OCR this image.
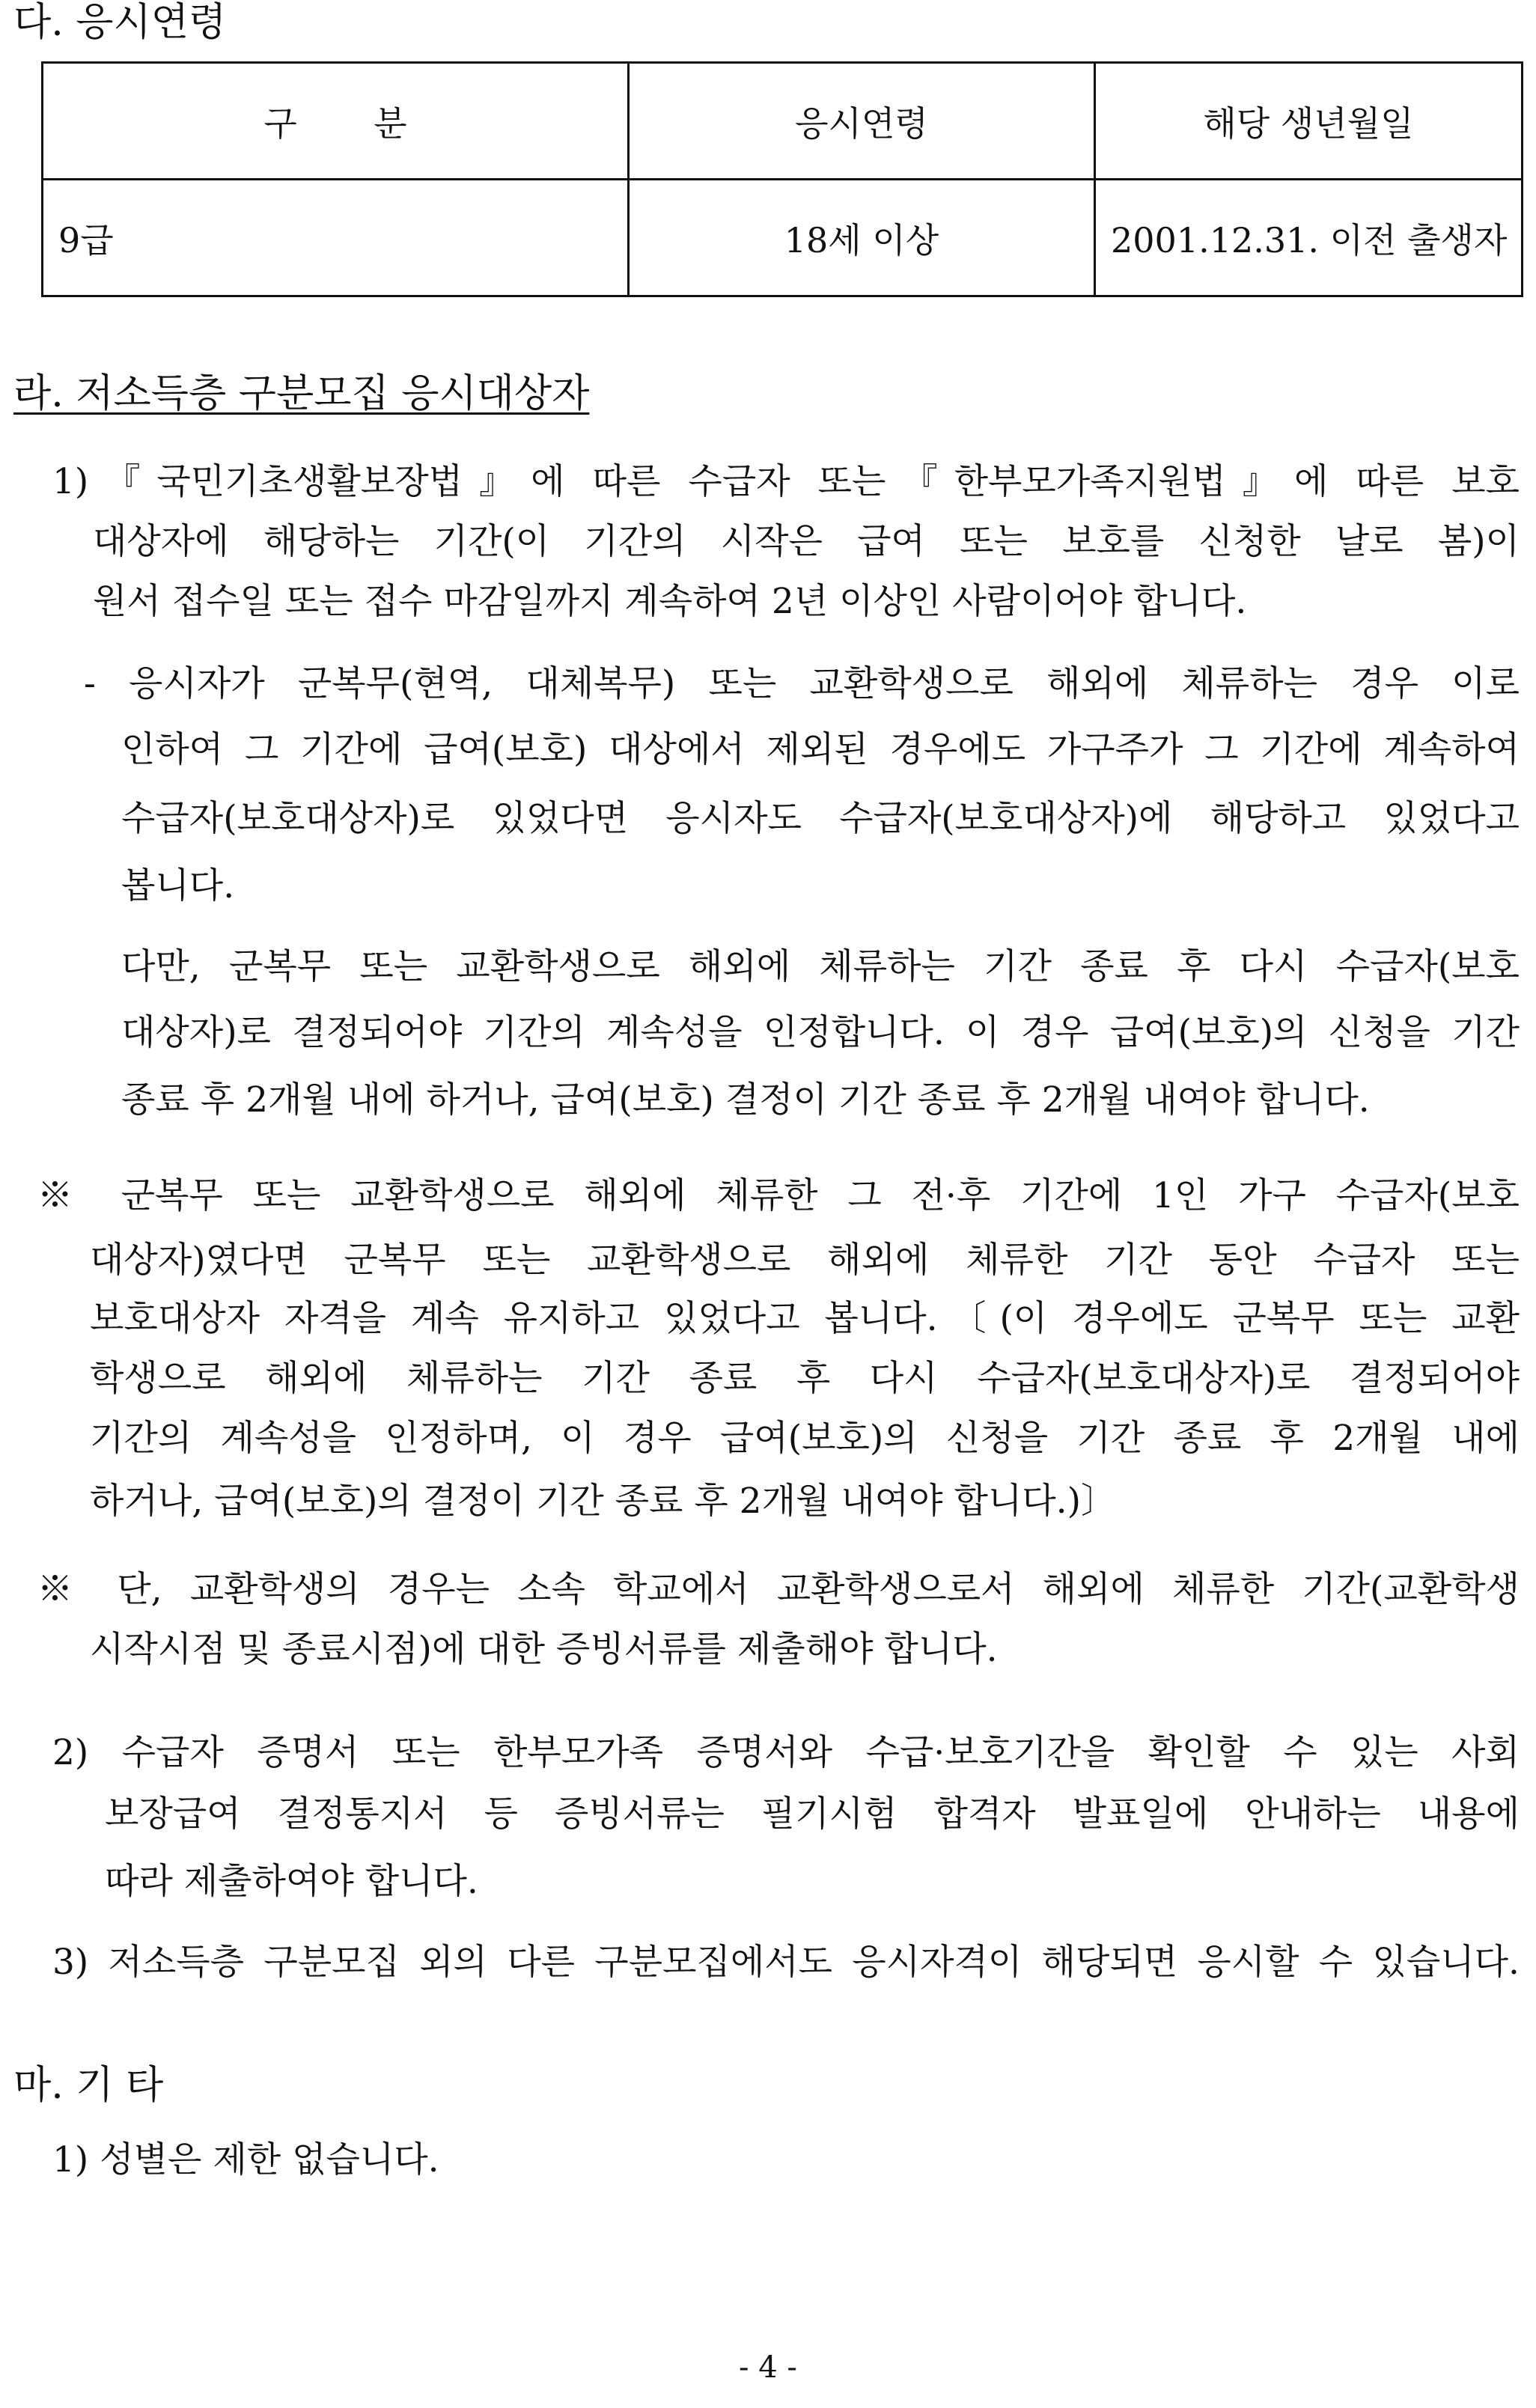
다. 응시연령
구       분	응시연령	해당 생년월일
9급	18세 이상	2001.12.31. 이전 출생자
라. 저소득층 구분모집 응시대상자
1)『국민기초생활보장법』에 따른 수급자 또는『한부모가족지원법』에 따른 보호
대상자에 해당하는 기간(이 기간의 시작은 급여 또는 보호를 신청한 날로 봄)이
원서 접수일 또는 접수 마감일까지 계속하여 2년 이상인 사람이어야 합니다.
- 응시자가 군복무(현역, 대체복무) 또는 교환학생으로 해외에 체류하는 경우 이로
인하여 그 기간에 급여(보호) 대상에서 제외된 경우에도 가구주가 그 기간에 계속하여
수급자(보호대상자)로 있었다면 응시자도 수급자(보호대상자)에 해당하고 있었다고
봅니다.
다만, 군복무 또는 교환학생으로 해외에 체류하는 기간 종료 후 다시 수급자(보호
대상자)로 결정되어야 기간의 계속성을 인정합니다. 이 경우 급여(보호)의 신청을 기간
종료 후 2개월 내에 하거나, 급여(보호) 결정이 기간 종료 후 2개월 내여야 합니다.
※ 군복무 또는 교환학생으로 해외에 체류한 그 전·후 기간에 1인 가구 수급자(보호
대상자)였다면 군복무 또는 교환학생으로 해외에 체류한 기간 동안 수급자 또는
보호대상자 자격을 계속 유지하고 있었다고 봅니다.〔(이 경우에도 군복무 또는 교환
학생으로 해외에 체류하는 기간 종료 후 다시 수급자(보호대상자)로 결정되어야
기간의 계속성을 인정하며, 이 경우 급여(보호)의 신청을 기간 종료 후 2개월 내에
하거나, 급여(보호)의 결정이 기간 종료 후 2개월 내여야 합니다.)〕
※ 단, 교환학생의 경우는 소속 학교에서 교환학생으로서 해외에 체류한 기간(교환학생
시작시점 및 종료시점)에 대한 증빙서류를 제출해야 합니다.
2) 수급자 증명서 또는 한부모가족 증명서와 수급·보호기간을 확인할 수 있는 사회
보장급여 결정통지서 등 증빙서류는 필기시험 합격자 발표일에 안내하는 내용에
따라 제출하여야 합니다.
3) 저소득층 구분모집 외의 다른 구분모집에서도 응시자격이 해당되면 응시할 수 있습니다.
마. 기 타
1) 성별은 제한 없습니다.
- 4 -
